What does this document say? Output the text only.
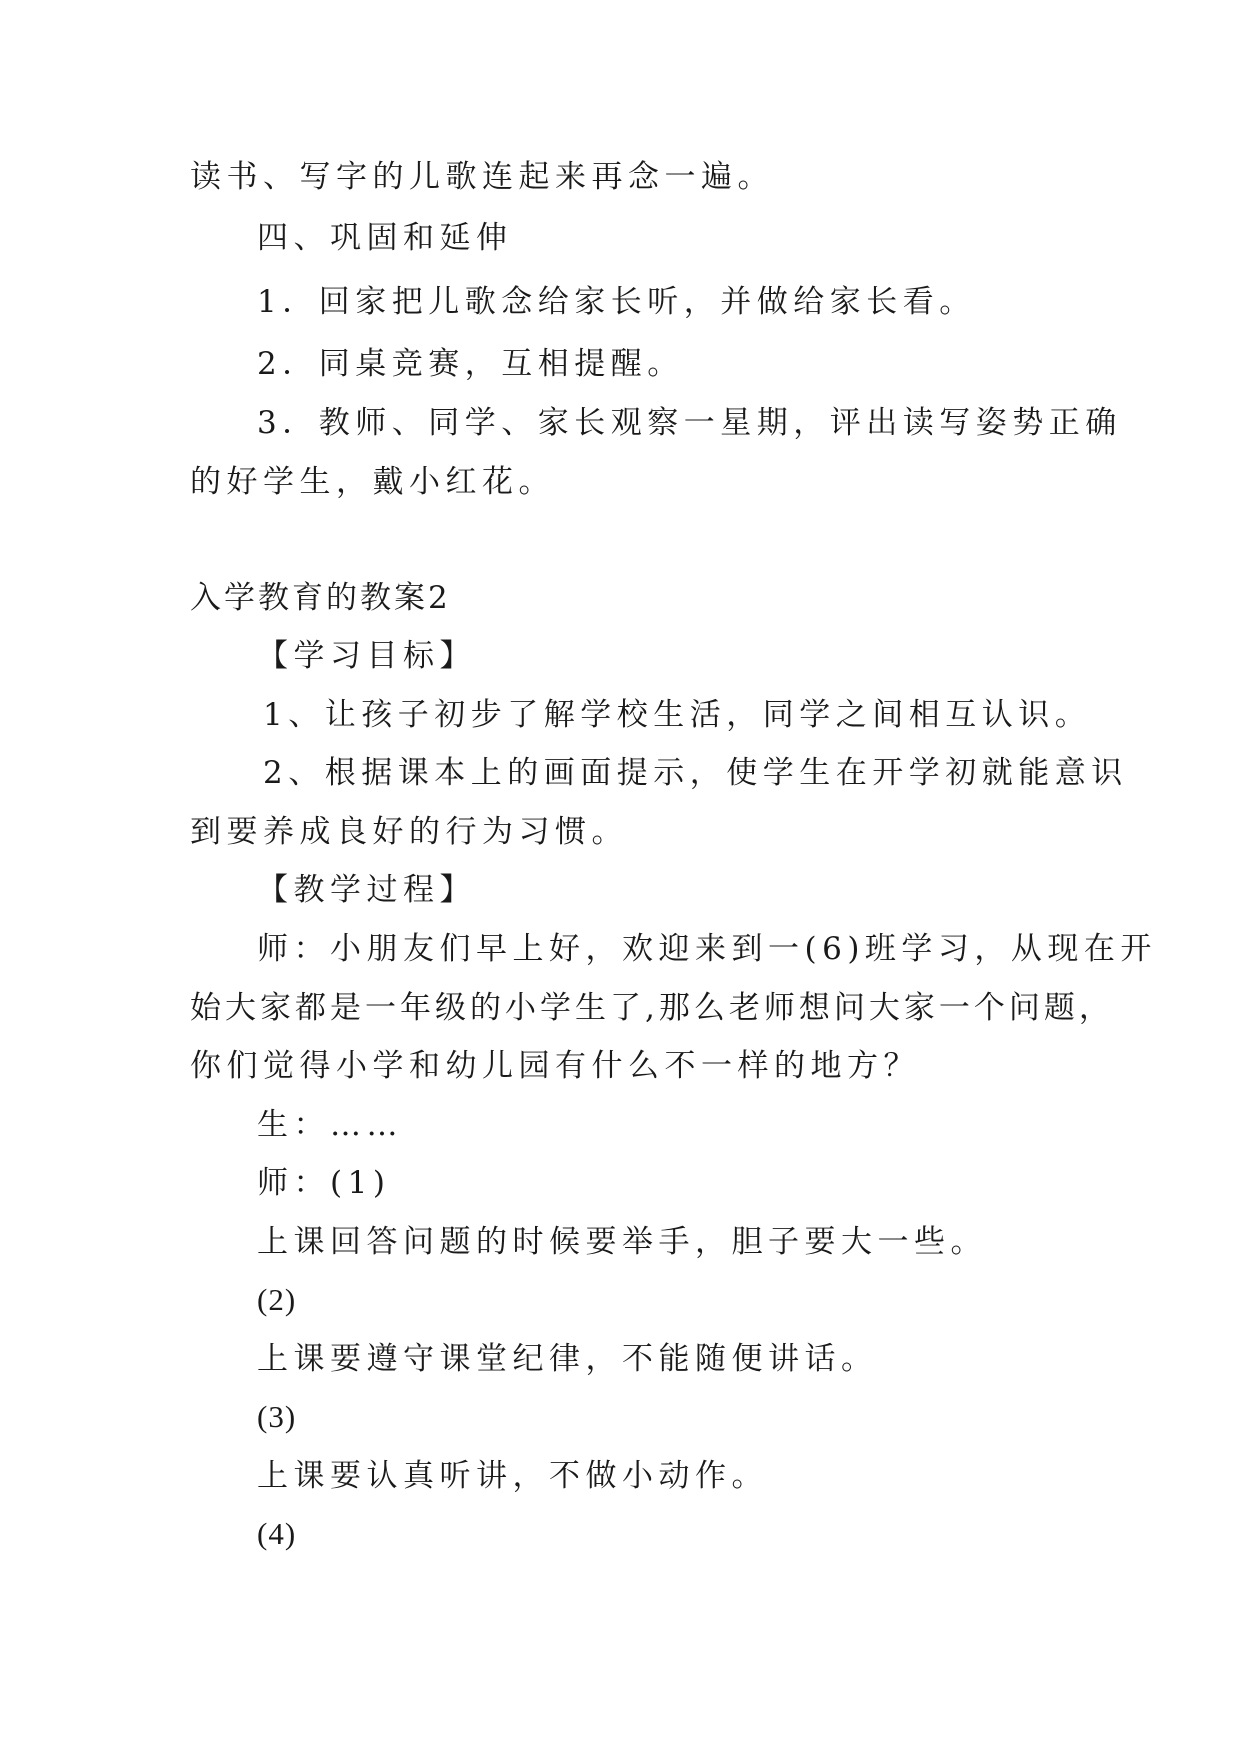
读书、写字的儿歌连起来再念一遍。
四、巩固和延伸
1．回家把儿歌念给家长听，并做给家长看。
2．同桌竞赛，互相提醒。
3．教师、同学、家长观察一星期，评出读写姿势正确
的好学生，戴小红花。
入学教育的教案2
【学习目标】
1、让孩子初步了解学校生活，同学之间相互认识。
2、根据课本上的画面提示，使学生在开学初就能意识
到要养成良好的行为习惯。
【教学过程】
师：小朋友们早上好，欢迎来到一(6)班学习，从现在开
始大家都是一年级的小学生了,那么老师想问大家一个问题，
你们觉得小学和幼儿园有什么不一样的地方？
生：……
师：(1)
上课回答问题的时候要举手，胆子要大一些。
(2)
上课要遵守课堂纪律，不能随便讲话。
(3)
上课要认真听讲，不做小动作。
(4)
